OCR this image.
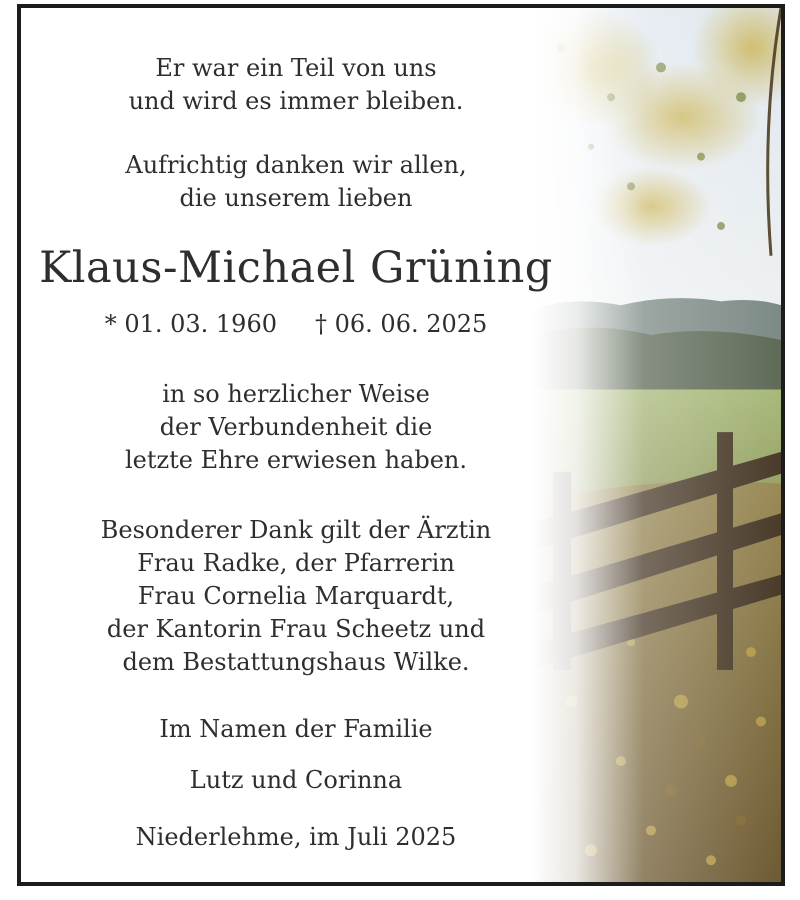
Er war ein Teil von uns
und wird es immer bleiben.
Aufrichtig danken wir allen,
die unserem lieben
Klaus-Michael Grüning
* 01. 03. 1960 † 06. 06. 2025
in so herzlicher Weise
der Verbundenheit die
letzte Ehre erwiesen haben.
Besonderer Dank gilt der Ärztin
Frau Radke, der Pfarrerin
Frau Cornelia Marquardt,
der Kantorin Frau Scheetz und
dem Bestattungshaus Wilke.
Im Namen der Familie
Lutz und Corinna
Niederlehme, im Juli 2025
